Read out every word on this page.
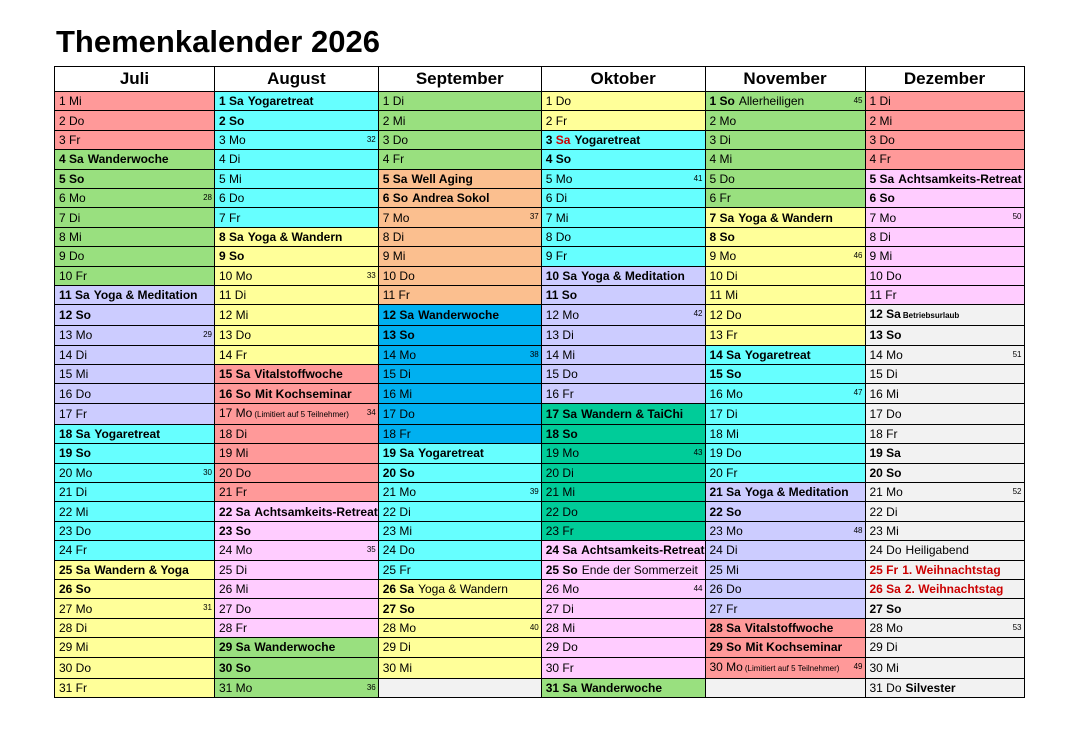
Themenkalender 2026
Juli	August	September	Oktober	November	Dezember
1 Mi	1 Sa Yogaretreat	1 Di	1 Do	1 So Allerheiligen 45	1 Di
2 Do	2 So	2 Mi	2 Fr	2 Mo	2 Mi
3 Fr	3 Mo 32	3 Do	3 Sa Yogaretreat	3 Di	3 Do
4 Sa Wanderwoche	4 Di	4 Fr	4 So	4 Mi	4 Fr
5 So	5 Mi	5 Sa Well Aging	5 Mo 41	5 Do	5 Sa Achtsamkeits-Retreat
6 Mo 28	6 Do	6 So Andrea Sokol	6 Di	6 Fr	6 So
7 Di	7 Fr	7 Mo 37	7 Mi	7 Sa Yoga & Wandern	7 Mo 50

8 Mi	8 Sa Yoga & Wandern	8 Di	8 Do	8 So	8 Di
9 Do	9 So	9 Mi	9 Fr	9 Mo 46	9 Mi
10 Fr	10 Mo 33	10 Do	10 Sa Yoga & Meditation	10 Di	10 Do
11 Sa Yoga & Meditation	11 Di	11 Fr	11 So	11 Mi	11 Fr
12 So	12 Mi	12 Sa Wanderwoche	12 Mo 42	12 Do	12 Sa Betriebsurlaub
13 Mo 29	13 Do	13 So	13 Di	13 Fr	13 So
14 Di	14 Fr	14 Mo 38	14 Mi	14 Sa Yogaretreat	14 Mo 51

15 Mi	15 Sa Vitalstoffwoche	15 Di	15 Do	15 So	15 Di
16 Do	16 So Mit Kochseminar	16 Mi	16 Fr	16 Mo 47	16 Mi
17 Fr	17 Mo (Limitiert auf 5 Teilnehmer) 34	17 Do	17 Sa Wandern & TaiChi	17 Di	17 Do
18 Sa Yogaretreat	18 Di	18 Fr	18 So	18 Mi	18 Fr
19 So	19 Mi	19 Sa Yogaretreat	19 Mo 43	19 Do	19 Sa
20 Mo 30	20 Do	20 So	20 Di	20 Fr	20 So
21 Di	21 Fr	21 Mo 39	21 Mi	21 Sa Yoga & Meditation	21 Mo 52

22 Mi	22 Sa Achtsamkeits-Retreat	22 Di	22 Do	22 So	22 Di
23 Do	23 So	23 Mi	23 Fr	23 Mo 48	23 Mi
24 Fr	24 Mo 35	24 Do	24 Sa Achtsamkeits-Retreat	24 Di	24 Do Heiligabend
25 Sa Wandern & Yoga	25 Di	25 Fr	25 So Ende der Sommerzeit	25 Mi	25 Fr 1. Weihnachtstag
26 So	26 Mi	26 Sa Yoga & Wandern	26 Mo 44	26 Do	26 Sa 2. Weihnachtstag
27 Mo 31	27 Do	27 So	27 Di	27 Fr	27 So
28 Di	28 Fr	28 Mo 40	28 Mi	28 Sa Vitalstoffwoche	28 Mo 53

29 Mi	29 Sa Wanderwoche	29 Di	29 Do	29 So Mit Kochseminar	29 Di
30 Do	30 So	30 Mi	30 Fr	30 Mo (Limitiert auf 5 Teilnehmer) 49	30 Mi
31 Fr	31 Mo 36		31 Sa Wanderwoche		31 Do Silvester
